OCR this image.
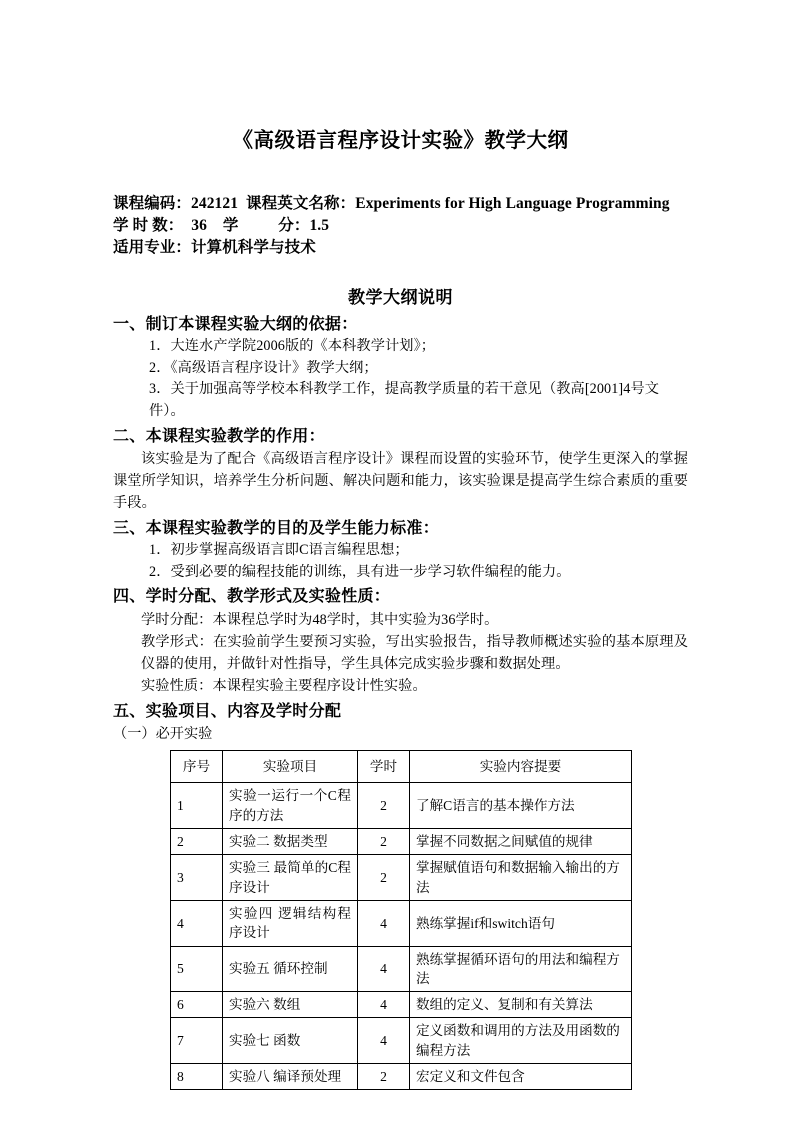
《高级语言程序设计实验》教学大纲
课程编码：242121  课程英文名称：Experiments for High Language Programming
学 时 数：  36    学          分：1.5
适用专业：计算机科学与技术
教学大纲说明
一、制订本课程实验大纲的依据：
1．大连水产学院2006版的《本科教学计划》；
2．《高级语言程序设计》教学大纲；
3．关于加强高等学校本科教学工作，提高教学质量的若干意见（教高[2001]4号文件）。
二、本课程实验教学的作用：

该实验是为了配合《高级语言程序设计》课程而设置的实验环节，使学生更深入的掌握课堂所学知识，培养学生分析问题、解决问题和能力，该实验课是提高学生综合素质的重要手段。

三、本课程实验教学的目的及学生能力标准：
1．初步掌握高级语言即C语言编程思想；
2．受到必要的编程技能的训练，具有进一步学习软件编程的能力。
四、学时分配、教学形式及实验性质：
学时分配：本课程总学时为48学时，其中实验为36学时。
教学形式：在实验前学生要预习实验，写出实验报告，指导教师概述实验的基本原理及仪器的使用，并做针对性指导，学生具体完成实验步骤和数据处理。
实验性质：本课程实验主要程序设计性实验。
五、实验项目、内容及学时分配
（一）必开实验
序号	实验项目	学时	实验内容提要
1	实验一运行一个C程序的方法	2	了解C语言的基本操作方法
2	实验二 数据类型	2	掌握不同数据之间赋值的规律
3	实验三 最简单的C程序设计	2	掌握赋值语句和数据输入输出的方法
4	实验四 逻辑结构程序设计	4	熟练掌握if和switch语句
5	实验五 循环控制	4	熟练掌握循环语句的用法和编程方法
6	实验六 数组	4	数组的定义、复制和有关算法
7	实验七 函数	4	定义函数和调用的方法及用函数的编程方法
8	实验八 编译预处理	2	宏定义和文件包含
